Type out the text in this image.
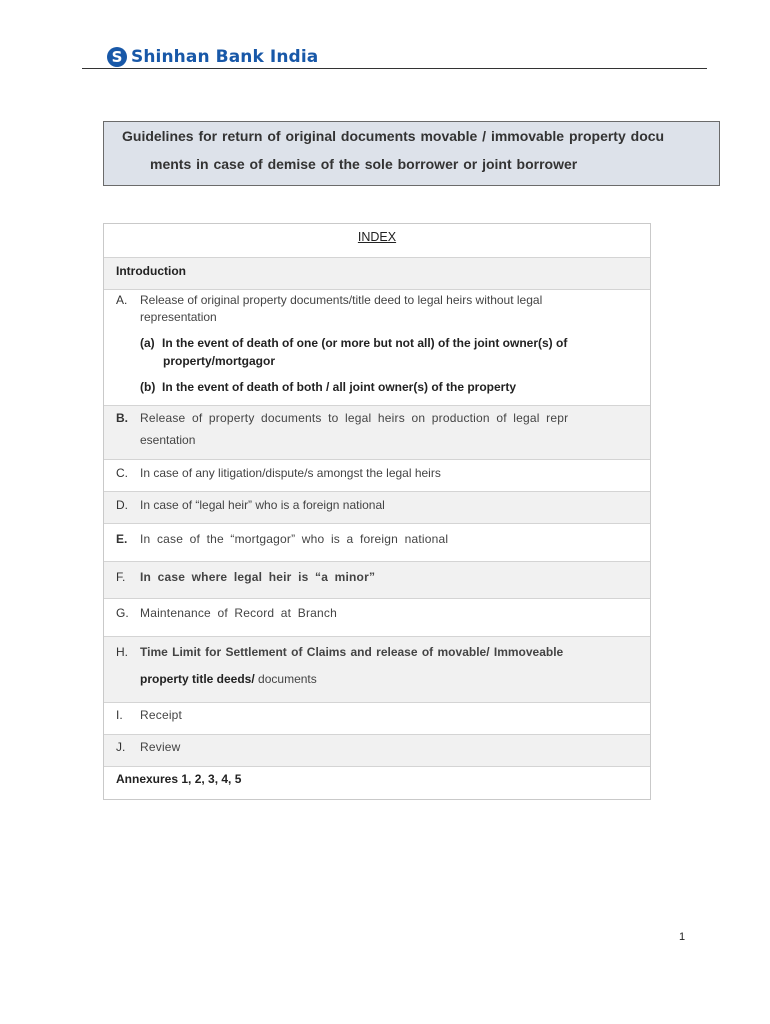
S Shinhan Bank India
Guidelines for return of original documents movable / immovable property docu
ments in case of demise of the sole borrower or joint borrower
INDEX
Introduction
A. Release of original property documents/title deed to legal heirs without legal
representation
(a) In the event of death of one (or more but not all) of the joint owner(s) of
property/mortgagor
(b) In the event of death of both / all joint owner(s) of the property
B. Release of property documents to legal heirs on production of legal repr
esentation
C. In case of any litigation/dispute/s amongst the legal heirs
D. In case of “legal heir” who is a foreign national
E. In case of the “mortgagor” who is a foreign national
F. In case where legal heir is “a minor”
G. Maintenance of Record at Branch
H. Time Limit for Settlement of Claims and release of movable/ Immoveable
property title deeds/ documents
I. Receipt
J. Review
Annexures 1, 2, 3, 4, 5
1
